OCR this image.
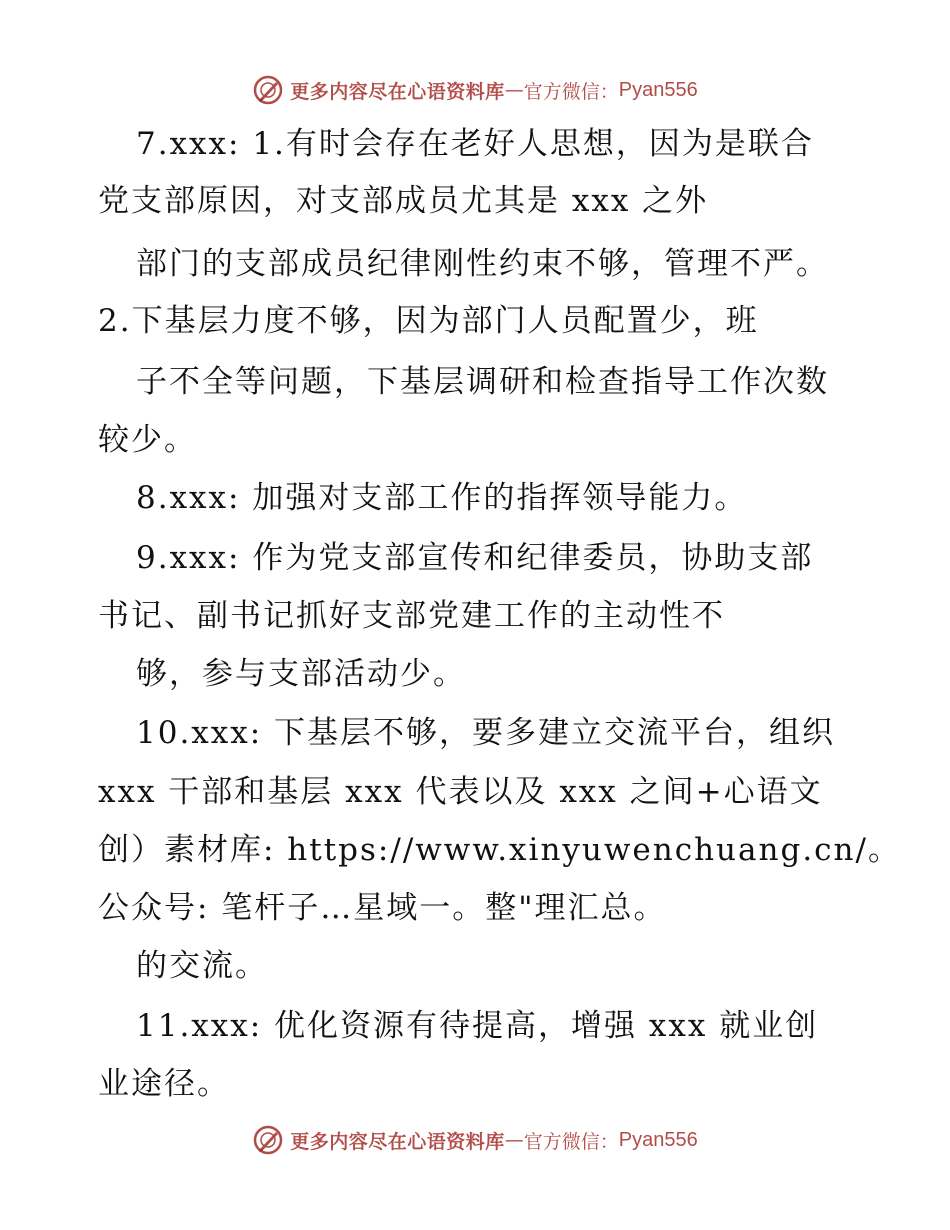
更多内容尽在心语资料库 — 官方微信： Pyan556
7.xxx: 1.有时会存在老好人思想，因为是联合
党支部原因，对支部成员尤其是 xxx 之外
部门的支部成员纪律刚性约束不够，管理不严。
2.下基层力度不够，因为部门人员配置少，班
子不全等问题，下基层调研和检查指导工作次数
较少。
8.xxx: 加强对支部工作的指挥领导能力。
9.xxx: 作为党支部宣传和纪律委员，协助支部
书记、副书记抓好支部党建工作的主动性不
够，参与支部活动少。
10.xxx: 下基层不够，要多建立交流平台，组织
xxx 干部和基层 xxx 代表以及 xxx 之间+心语文
创）素材库: https://www.xinyuwenchuang.cn/。
公众号: 笔杆子…星域一。整"理汇总。
的交流。
11.xxx: 优化资源有待提高，增强 xxx 就业创
业途径。
更多内容尽在心语资料库 — 官方微信： Pyan556
